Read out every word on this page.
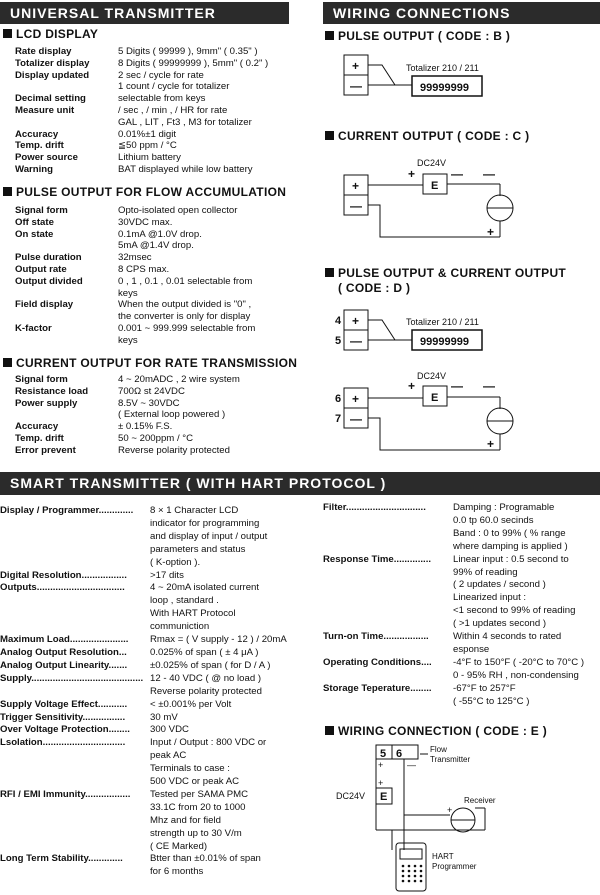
UNIVERSAL TRANSMITTER	WIRING CONNECTIONS
SMART TRANSMITTER ( WITH HART PROTOCOL )
LCD DISPLAY
Rate display	5 Digits ( 99999 ), 9mm" ( 0.35" )
Totalizer display	8 Digits ( 99999999 ), 5mm" ( 0.2" )
Display updated	2 sec / cycle for rate
1 count / cycle for totalizer
Decimal setting	selectable from keys
Measure unit	/ sec , / min , / HR for rate
GAL , LIT , Ft3 , M3 for totalizer
Accuracy	0.01%±1 digit
Temp. drift	≦50 ppm / °C
Power source	Lithium battery
Warning	BAT displayed while low battery
PULSE OUTPUT FOR FLOW ACCUMULATION
Signal form	Opto-isolated open collector
Off state	30VDC max.
On state	0.1mA @1.0V drop.
5mA @1.4V drop.
Pulse duration	32msec
Output rate	8 CPS max.
Output divided	0 , 1 , 0.1 , 0.01 selectable from
keys
Field display	When the output divided is "0" ,
the converter is only for display
K-factor	0.001 ~ 999.999 selectable from
keys
CURRENT OUTPUT FOR RATE TRANSMISSION
Signal form	4 ~ 20mADC , 2 wire system
Resistance load	700Ω st 24VDC
Power supply	8.5V ~ 30VDC
( External loop powered )
Accuracy	± 0.15% F.S.
Temp. drift	50 ~ 200ppm / °C
Error prevent	Reverse polarity protected
PULSE OUTPUT ( CODE : B )
CURRENT OUTPUT ( CODE : C )
PULSE OUTPUT & CURRENT OUTPUT
( CODE : D )
WIRING CONNECTION ( CODE : E )
+
—
Totalizer 210 / 211
99999999
+
—
DC24V
+	— —
E
+
4
5
+
—
Totalizer 210 / 211
99999999
6
7
+
—
DC24V
+	— —
E
+
5 6	Flow
Transmitter
+	—
+
E
DC24V	Receiver
+
HART
Programmer
Display / Programmer.............	8 × 1 Character LCD
indicator for programming
and display of input / output
parameters and status
( K-option ).
Digital Resolution.................	>17 dits
Outputs.................................	4 ~ 20mA isolated current
loop , standard .
With HART Protocol
communiction
Maximum Load......................	Rmax = ( V supply - 12 ) / 20mA
Analog Output Resolution...	0.025% of span ( ± 4 μA )
Analog Output Linearity.......	±0.025% of span ( for D / A )
Supply.......................................... 12 - 40 VDC ( @ no load )
Reverse polarity protected
Supply Voltage Effect...........	< ±0.001% per Volt
Trigger Sensitivity................	30 mV
Over Voltage Protection........	300 VDC
Lsolation...............................	Input / Output : 800 VDC or
peak AC
Terminals to case :
500 VDC or peak AC
RFI / EMI Immunity.................	Tested per SAMA PMC
33.1C from 20 to 1000
Mhz and for field
strength up to 30 V/m
( CE Marked)
Long Term Stability.............	Btter than ±0.01% of span
for 6 months
Filter..............................	Damping : Programable
0.0 tp 60.0 secinds
Band : 0 to 99% ( % range
where damping is applied )
Response Time..............	Linear input : 0.5 second to
99% of reading
( 2 updates / second )
Linearized input :
<1 second to 99% of reading
( >1 updates second )
Turn-on Time.................	Within 4 seconds to rated
esponse
Operating Conditions....	-4°F to 150°F ( -20°C to 70°C )
0 - 95% RH , non-condensing
Storage Teperature........	-67°F to 257°F
( -55°C to 125°C )
